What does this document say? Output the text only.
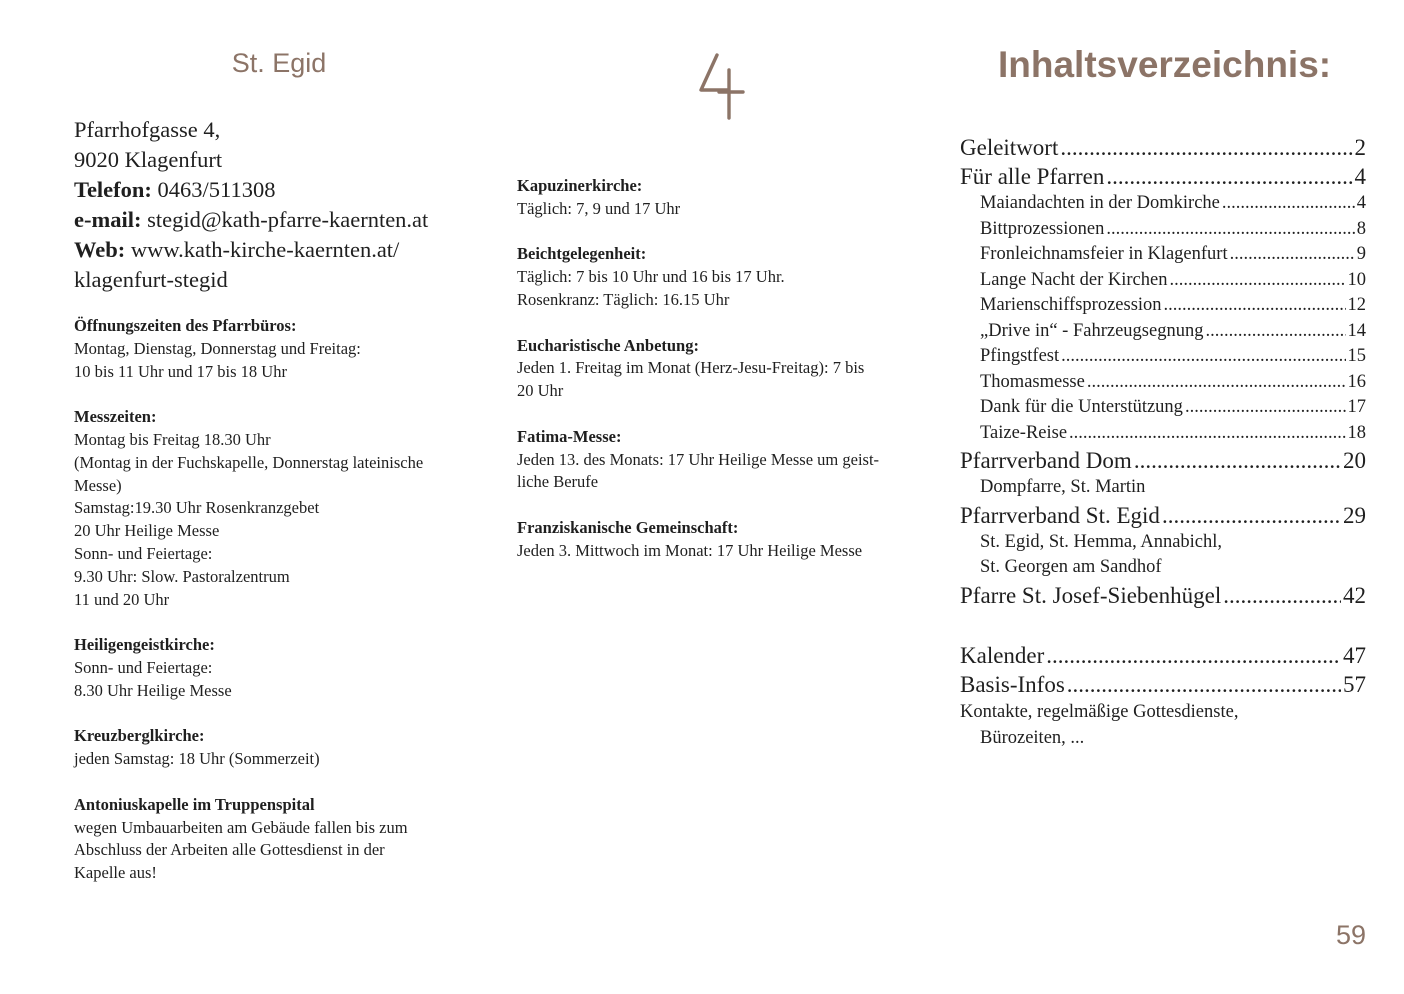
St. Egid
Pfarrhofgasse 4,
9020 Klagenfurt
Telefon: 0463/511308
e-mail: stegid@kath-pfarre-kaernten.at
Web: www.kath-kirche-kaernten.at/
klagenfurt-stegid
Öffnungszeiten des Pfarrbüros:
Montag, Dienstag, Donnerstag und Freitag:
10 bis 11 Uhr und 17 bis 18 Uhr
Messzeiten:
Montag bis Freitag 18.30 Uhr
(Montag in der Fuchskapelle, Donnerstag lateinische
Messe)
Samstag:19.30 Uhr Rosenkranzgebet
20 Uhr Heilige Messe
Sonn- und Feiertage:
9.30 Uhr: Slow. Pastoralzentrum
11 und 20 Uhr
Heiligengeistkirche:
Sonn- und Feiertage:
8.30 Uhr Heilige Messe
Kreuzberglkirche:
jeden Samstag: 18 Uhr (Sommerzeit)
Antoniuskapelle im Truppenspital
wegen Umbauarbeiten am Gebäude fallen bis zum
Abschluss der Arbeiten alle Gottesdienst in der
Kapelle aus!
Kapuzinerkirche:
Täglich: 7, 9 und 17 Uhr
Beichtgelegenheit:
Täglich: 7 bis 10 Uhr und 16 bis 17 Uhr.
Rosenkranz: Täglich: 16.15 Uhr
Eucharistische Anbetung:
Jeden 1. Freitag im Monat (Herz-Jesu-Freitag): 7 bis
20 Uhr
Fatima-Messe:
Jeden 13. des Monats: 17 Uhr Heilige Messe um geist-
liche Berufe
Franziskanische Gemeinschaft:
Jeden 3. Mittwoch im Monat: 17 Uhr Heilige Messe
Inhaltsverzeichnis:
Geleitwort .....	2
Für alle Pfarren .....	4
Maiandachten in der Domkirche .....	4
Bittprozessionen .....	8
Fronleichnamsfeier in Klagenfurt .....	9
Lange Nacht der Kirchen .....	10
Marienschiffsprozession .....	12
„Drive in“ - Fahrzeugsegnung .....	14
Pfingstfest .....	15
Thomasmesse .....	16
Dank für die Unterstützung .....	17
Taize-Reise .....	18
Pfarrverband Dom .....	20
Dompfarre, St. Martin
Pfarrverband St. Egid .....	29
St. Egid, St. Hemma, Annabichl,
St. Georgen am Sandhof
Pfarre St. Josef-Siebenhügel .....	42
Kalender .....	47
Basis-Infos .....	57
Kontakte, regelmäßige Gottesdienste,
Bürozeiten, ...
59
